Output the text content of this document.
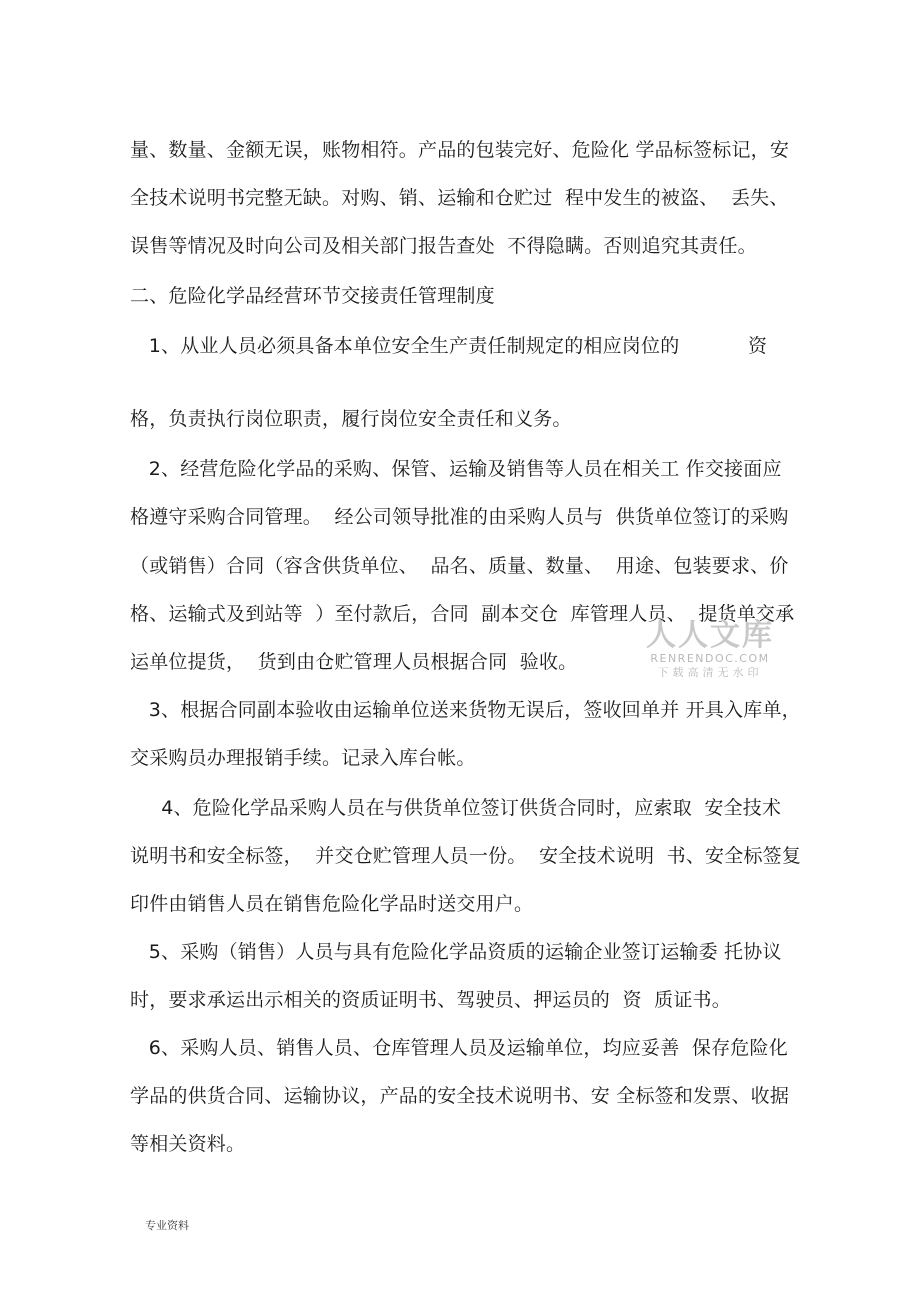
量、数量、金额无误，账物相符。产品的包装完好、危险化 学品标签标记，安
全技术说明书完整无缺。对购、销、运输和仓贮过  程中发生的被盗、  丢失、
误售等情况及时向公司及相关部门报告查处  不得隐瞒。否则追究其责任。
二、危险化学品经营环节交接责任管理制度
1、从业人员必须具备本单位安全生产责任制规定的相应岗位的           资
格，负责执行岗位职责，履行岗位安全责任和义务。
2、经营危险化学品的采购、保管、运输及销售等人员在相关工 作交接面应
格遵守采购合同管理。  经公司领导批准的由采购人员与  供货单位签订的采购
（或销售）合同（容含供货单位、  品名、质量、数量、  用途、包装要求、价
格、运输式及到站等  ）至付款后，合同  副本交仓  库管理人员、  提货单交承
运单位提货，  货到由仓贮管理人员根据合同  验收。
3、根据合同副本验收由运输单位送来货物无误后，签收回单并 开具入库单，
交采购员办理报销手续。记录入库台帐。
4、危险化学品采购人员在与供货单位签订供货合同时，应索取  安全技术
说明书和安全标签，  并交仓贮管理人员一份。  安全技术说明  书、安全标签复
印件由销售人员在销售危险化学品时送交用户。
5、采购（销售）人员与具有危险化学品资质的运输企业签订运输委 托协议
时，要求承运出示相关的资质证明书、驾驶员、押运员的  资  质证书。
6、采购人员、销售人员、仓库管理人员及运输单位，均应妥善  保存危险化
学品的供货合同、运输协议，产品的安全技术说明书、安 全标签和发票、收据
等相关资料。
人人文库
RENRENDOC.COM
下载高清无水印
专业资料
